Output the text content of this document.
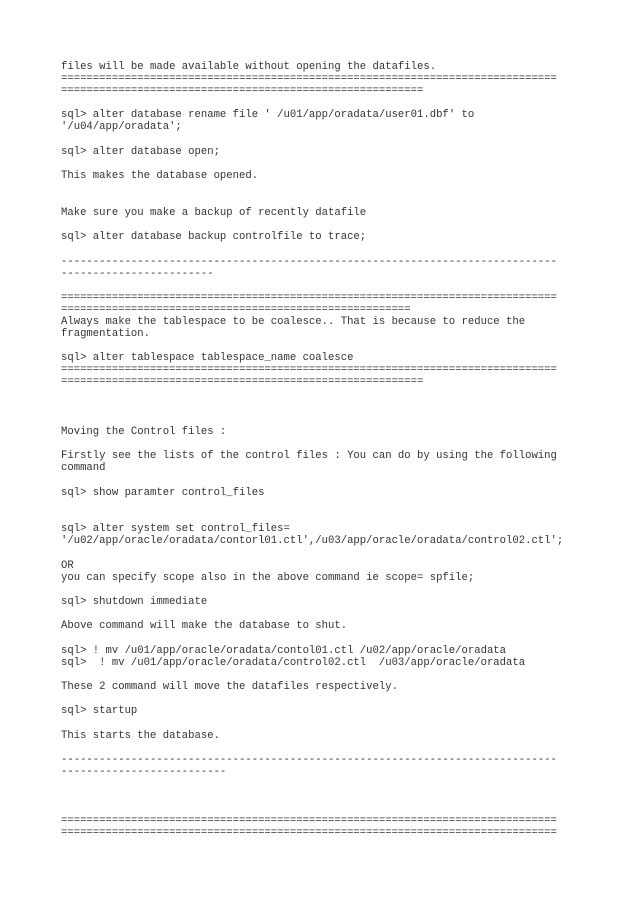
files will be made available without opening the datafiles.

==============================================================================

=========================================================

sql> alter database rename file ' /u01/app/oradata/user01.dbf' to

'/u04/app/oradata';

sql> alter database open;

This makes the database opened.

Make sure you make a backup of recently datafile

sql> alter database backup controlfile to trace;

------------------------------------------------------------------------------

------------------------

==============================================================================

=======================================================

Always make the tablespace to be coalesce.. That is because to reduce the

fragmentation.

sql> alter tablespace tablespace_name coalesce

==============================================================================

=========================================================

Moving the Control files :

Firstly see the lists of the control files : You can do by using the following

command

sql> show paramter control_files

sql> alter system set control_files=

'/u02/app/oracle/oradata/contorl01.ctl',/u03/app/oracle/oradata/control02.ctl';

OR

you can specify scope also in the above command ie scope= spfile;

sql> shutdown immediate

Above command will make the database to shut.

sql> ! mv /u01/app/oracle/oradata/contol01.ctl /u02/app/oracle/oradata

sql>  ! mv /u01/app/oracle/oradata/control02.ctl  /u03/app/oracle/oradata

These 2 command will move the datafiles respectively.

sql> startup

This starts the database.

------------------------------------------------------------------------------

--------------------------

==============================================================================

==============================================================================
